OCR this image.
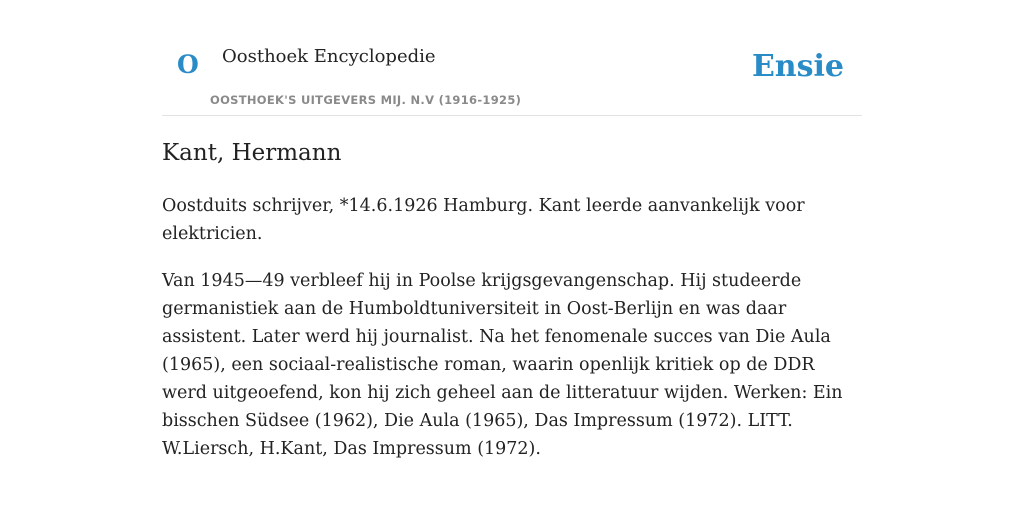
O Oosthoek Encyclopedie
OOSTHOEK'S UITGEVERS MIJ. N.V (1916-1925)
Ensie
Kant, Hermann

Oostduits schrijver, *14.6.1926 Hamburg. Kant leerde aanvankelijk voor elektricien.

Van 1945—49 verbleef hij in Poolse krijgsgevangenschap. Hij studeerde germanistiek aan de Humboldtuniversiteit in Oost-Berlijn en was daar assistent. Later werd hij journalist. Na het fenomenale succes van Die Aula (1965), een sociaal-realistische roman, waarin openlijk kritiek op de DDR werd uitgeoefend, kon hij zich geheel aan de litteratuur wijden. Werken: Ein bisschen Südsee (1962), Die Aula (1965), Das Impressum (1972). LITT. W.Liersch, H.Kant, Das Impressum (1972).
